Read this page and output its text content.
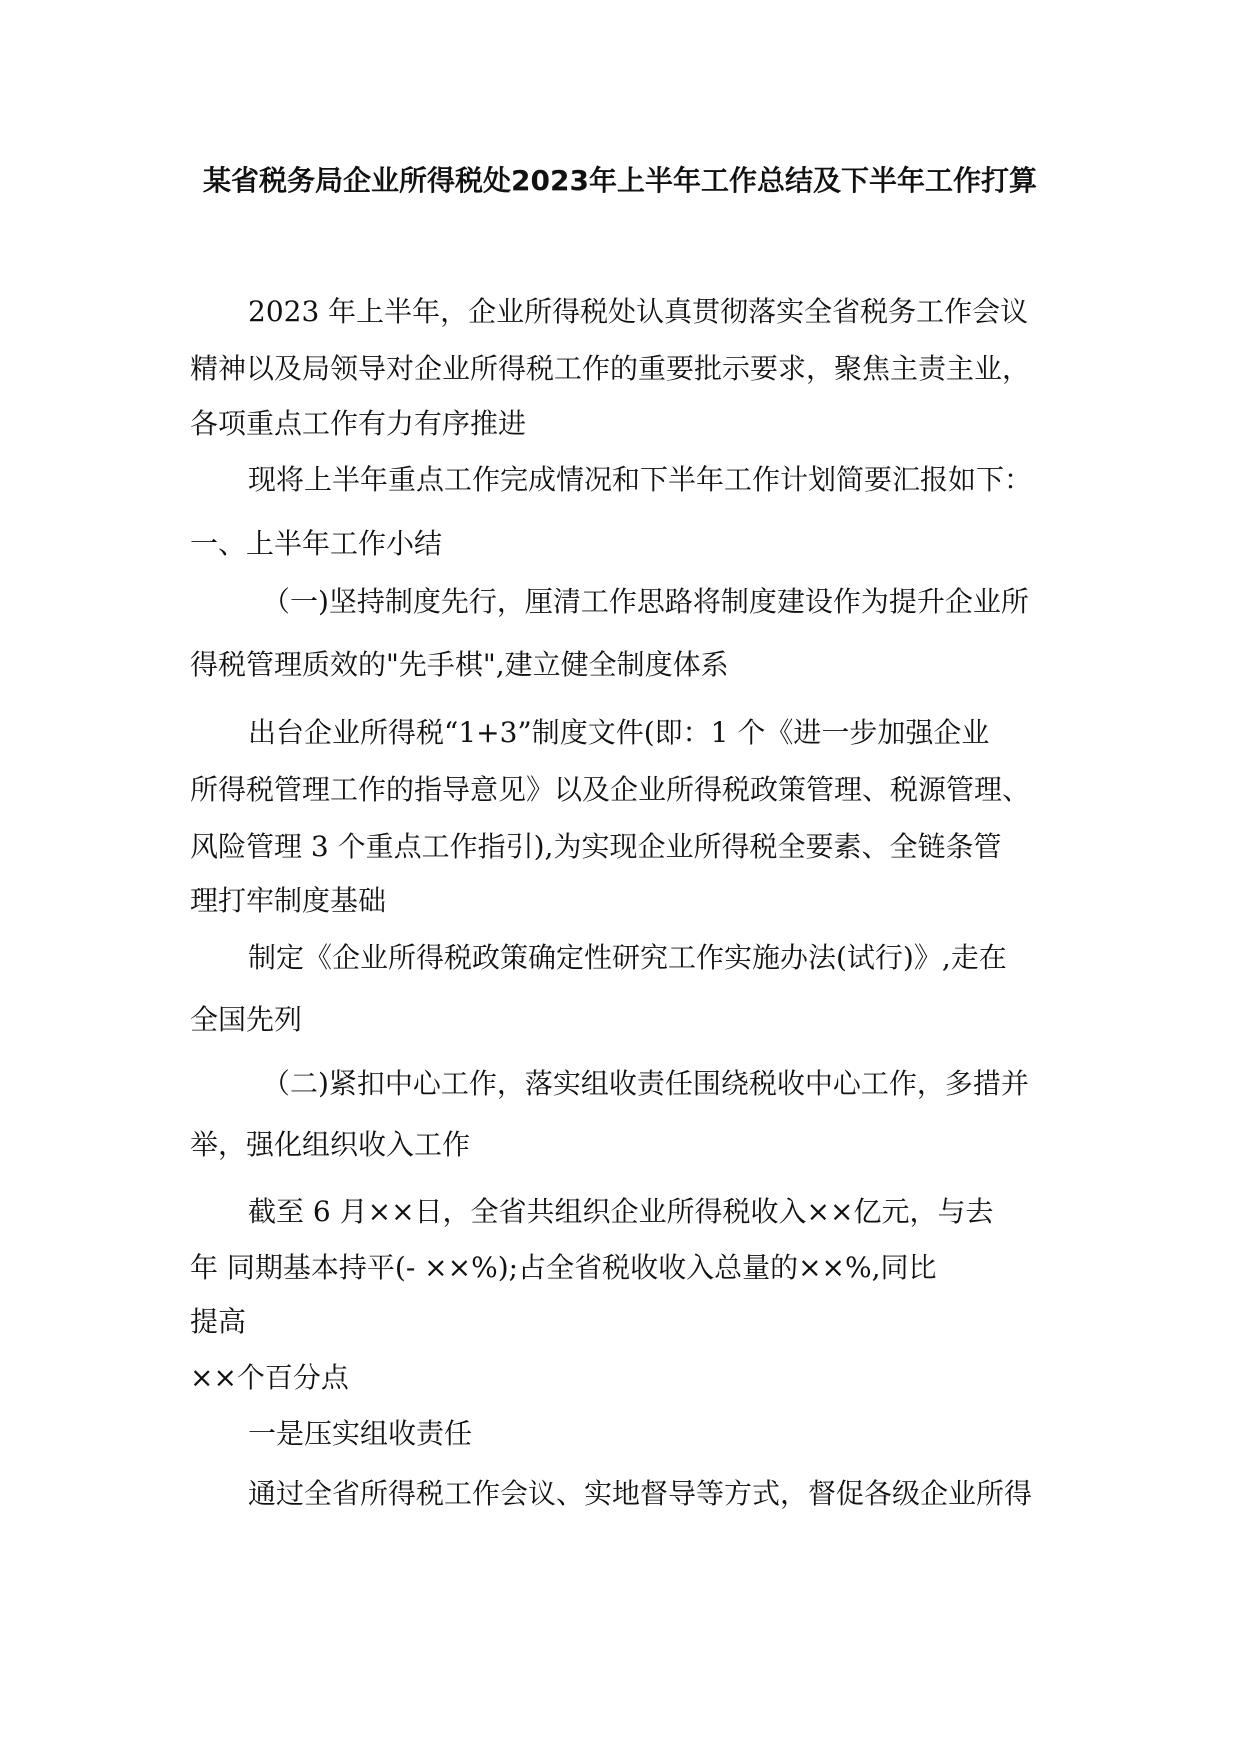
某省税务局企业所得税处2023年上半年工作总结及下半年工作打算
2023 年上半年，企业所得税处认真贯彻落实全省税务工作会议
精神以及局领导对企业所得税工作的重要批示要求，聚焦主责主业，
各项重点工作有力有序推进
现将上半年重点工作完成情况和下半年工作计划简要汇报如下：
一、上半年工作小结
（一)坚持制度先行，厘清工作思路将制度建设作为提升企业所
得税管理质效的"先手棋",建立健全制度体系
出台企业所得税“1+3”制度文件(即：1 个《进一步加强企业
所得税管理工作的指导意见》以及企业所得税政策管理、税源管理、
风险管理 3 个重点工作指引),为实现企业所得税全要素、全链条管
理打牢制度基础
制定《企业所得税政策确定性研究工作实施办法(试行)》,走在
全国先列
（二)紧扣中心工作，落实组收责任围绕税收中心工作，多措并
举，强化组织收入工作
截至 6 月××日，全省共组织企业所得税收入××亿元，与去
年 同期基本持平(- ××%);占全省税收收入总量的××%,同比
提高
××个百分点
一是压实组收责任
通过全省所得税工作会议、实地督导等方式，督促各级企业所得
